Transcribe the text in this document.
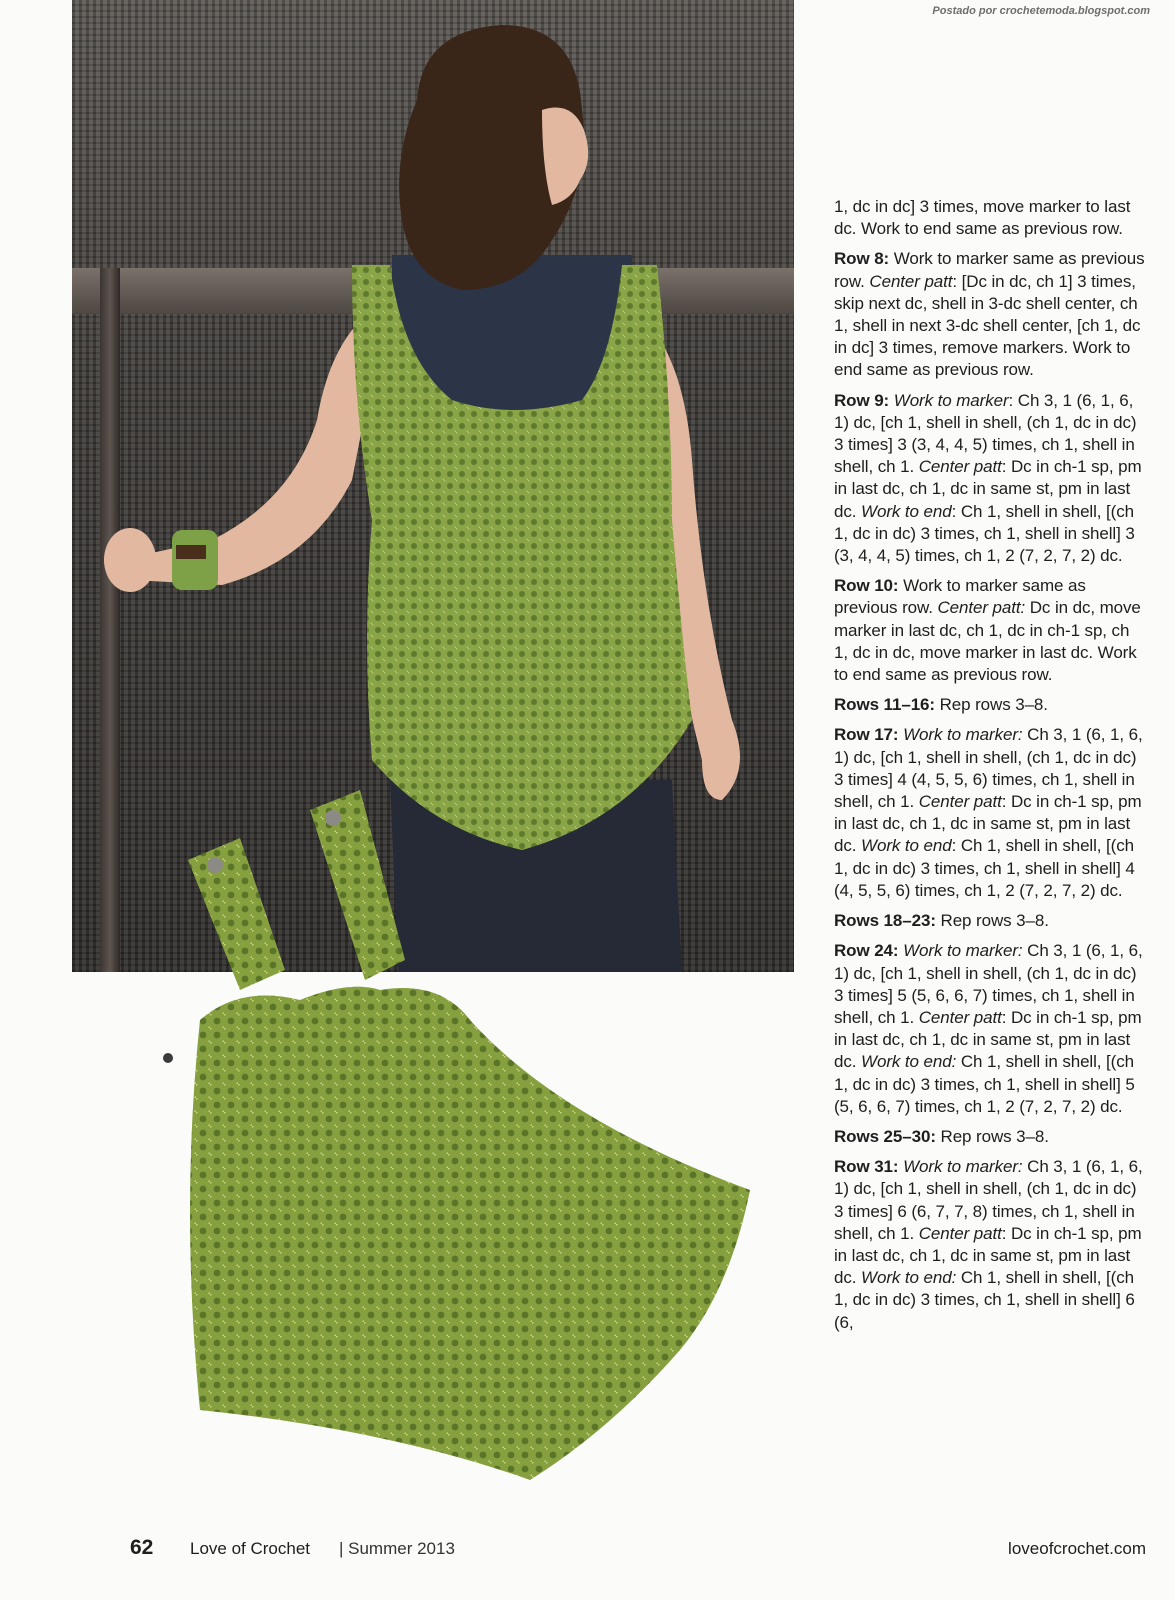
Postado por crochetemoda.blogspot.com

1, dc in dc] 3 times, move marker to last dc. Work to end same as previous row.

Row 8: Work to marker same as previous row. Center patt: [Dc in dc, ch 1] 3 times, skip next dc, shell in 3-dc shell center, ch 1, shell in next 3-dc shell center, [ch 1, dc in dc] 3 times, remove markers. Work to end same as previous row.

Row 9: Work to marker: Ch 3, 1 (6, 1, 6, 1) dc, [ch 1, shell in shell, (ch 1, dc in dc) 3 times] 3 (3, 4, 4, 5) times, ch 1, shell in shell, ch 1. Center patt: Dc in ch-1 sp, pm in last dc, ch 1, dc in same st, pm in last dc. Work to end: Ch 1, shell in shell, [(ch 1, dc in dc) 3 times, ch 1, shell in shell] 3 (3, 4, 4, 5) times, ch 1, 2 (7, 2, 7, 2) dc.

Row 10: Work to marker same as previous row. Center patt: Dc in dc, move marker in last dc, ch 1, dc in ch-1 sp, ch 1, dc in dc, move marker in last dc. Work to end same as previous row.

Rows 11–16: Rep rows 3–8.

Row 17: Work to marker: Ch 3, 1 (6, 1, 6, 1) dc, [ch 1, shell in shell, (ch 1, dc in dc) 3 times] 4 (4, 5, 5, 6) times, ch 1, shell in shell, ch 1. Center patt: Dc in ch-1 sp, pm in last dc, ch 1, dc in same st, pm in last dc. Work to end: Ch 1, shell in shell, [(ch 1, dc in dc) 3 times, ch 1, shell in shell] 4 (4, 5, 5, 6) times, ch 1, 2 (7, 2, 7, 2) dc.

Rows 18–23: Rep rows 3–8.

Row 24: Work to marker: Ch 3, 1 (6, 1, 6, 1) dc, [ch 1, shell in shell, (ch 1, dc in dc) 3 times] 5 (5, 6, 6, 7) times, ch 1, shell in shell, ch 1. Center patt: Dc in ch-1 sp, pm in last dc, ch 1, dc in same st, pm in last dc. Work to end: Ch 1, shell in shell, [(ch 1, dc in dc) 3 times, ch 1, shell in shell] 5 (5, 6, 6, 7) times, ch 1, 2 (7, 2, 7, 2) dc.

Rows 25–30: Rep rows 3–8.

Row 31: Work to marker: Ch 3, 1 (6, 1, 6, 1) dc, [ch 1, shell in shell, (ch 1, dc in dc) 3 times] 6 (6, 7, 7, 8) times, ch 1, shell in shell, ch 1. Center patt: Dc in ch-1 sp, pm in last dc, ch 1, dc in same st, pm in last dc. Work to end: Ch 1, shell in shell, [(ch 1, dc in dc) 3 times, ch 1, shell in shell] 6 (6,

62 Love of Crochet | Summer 2013	loveofcrochet.com
